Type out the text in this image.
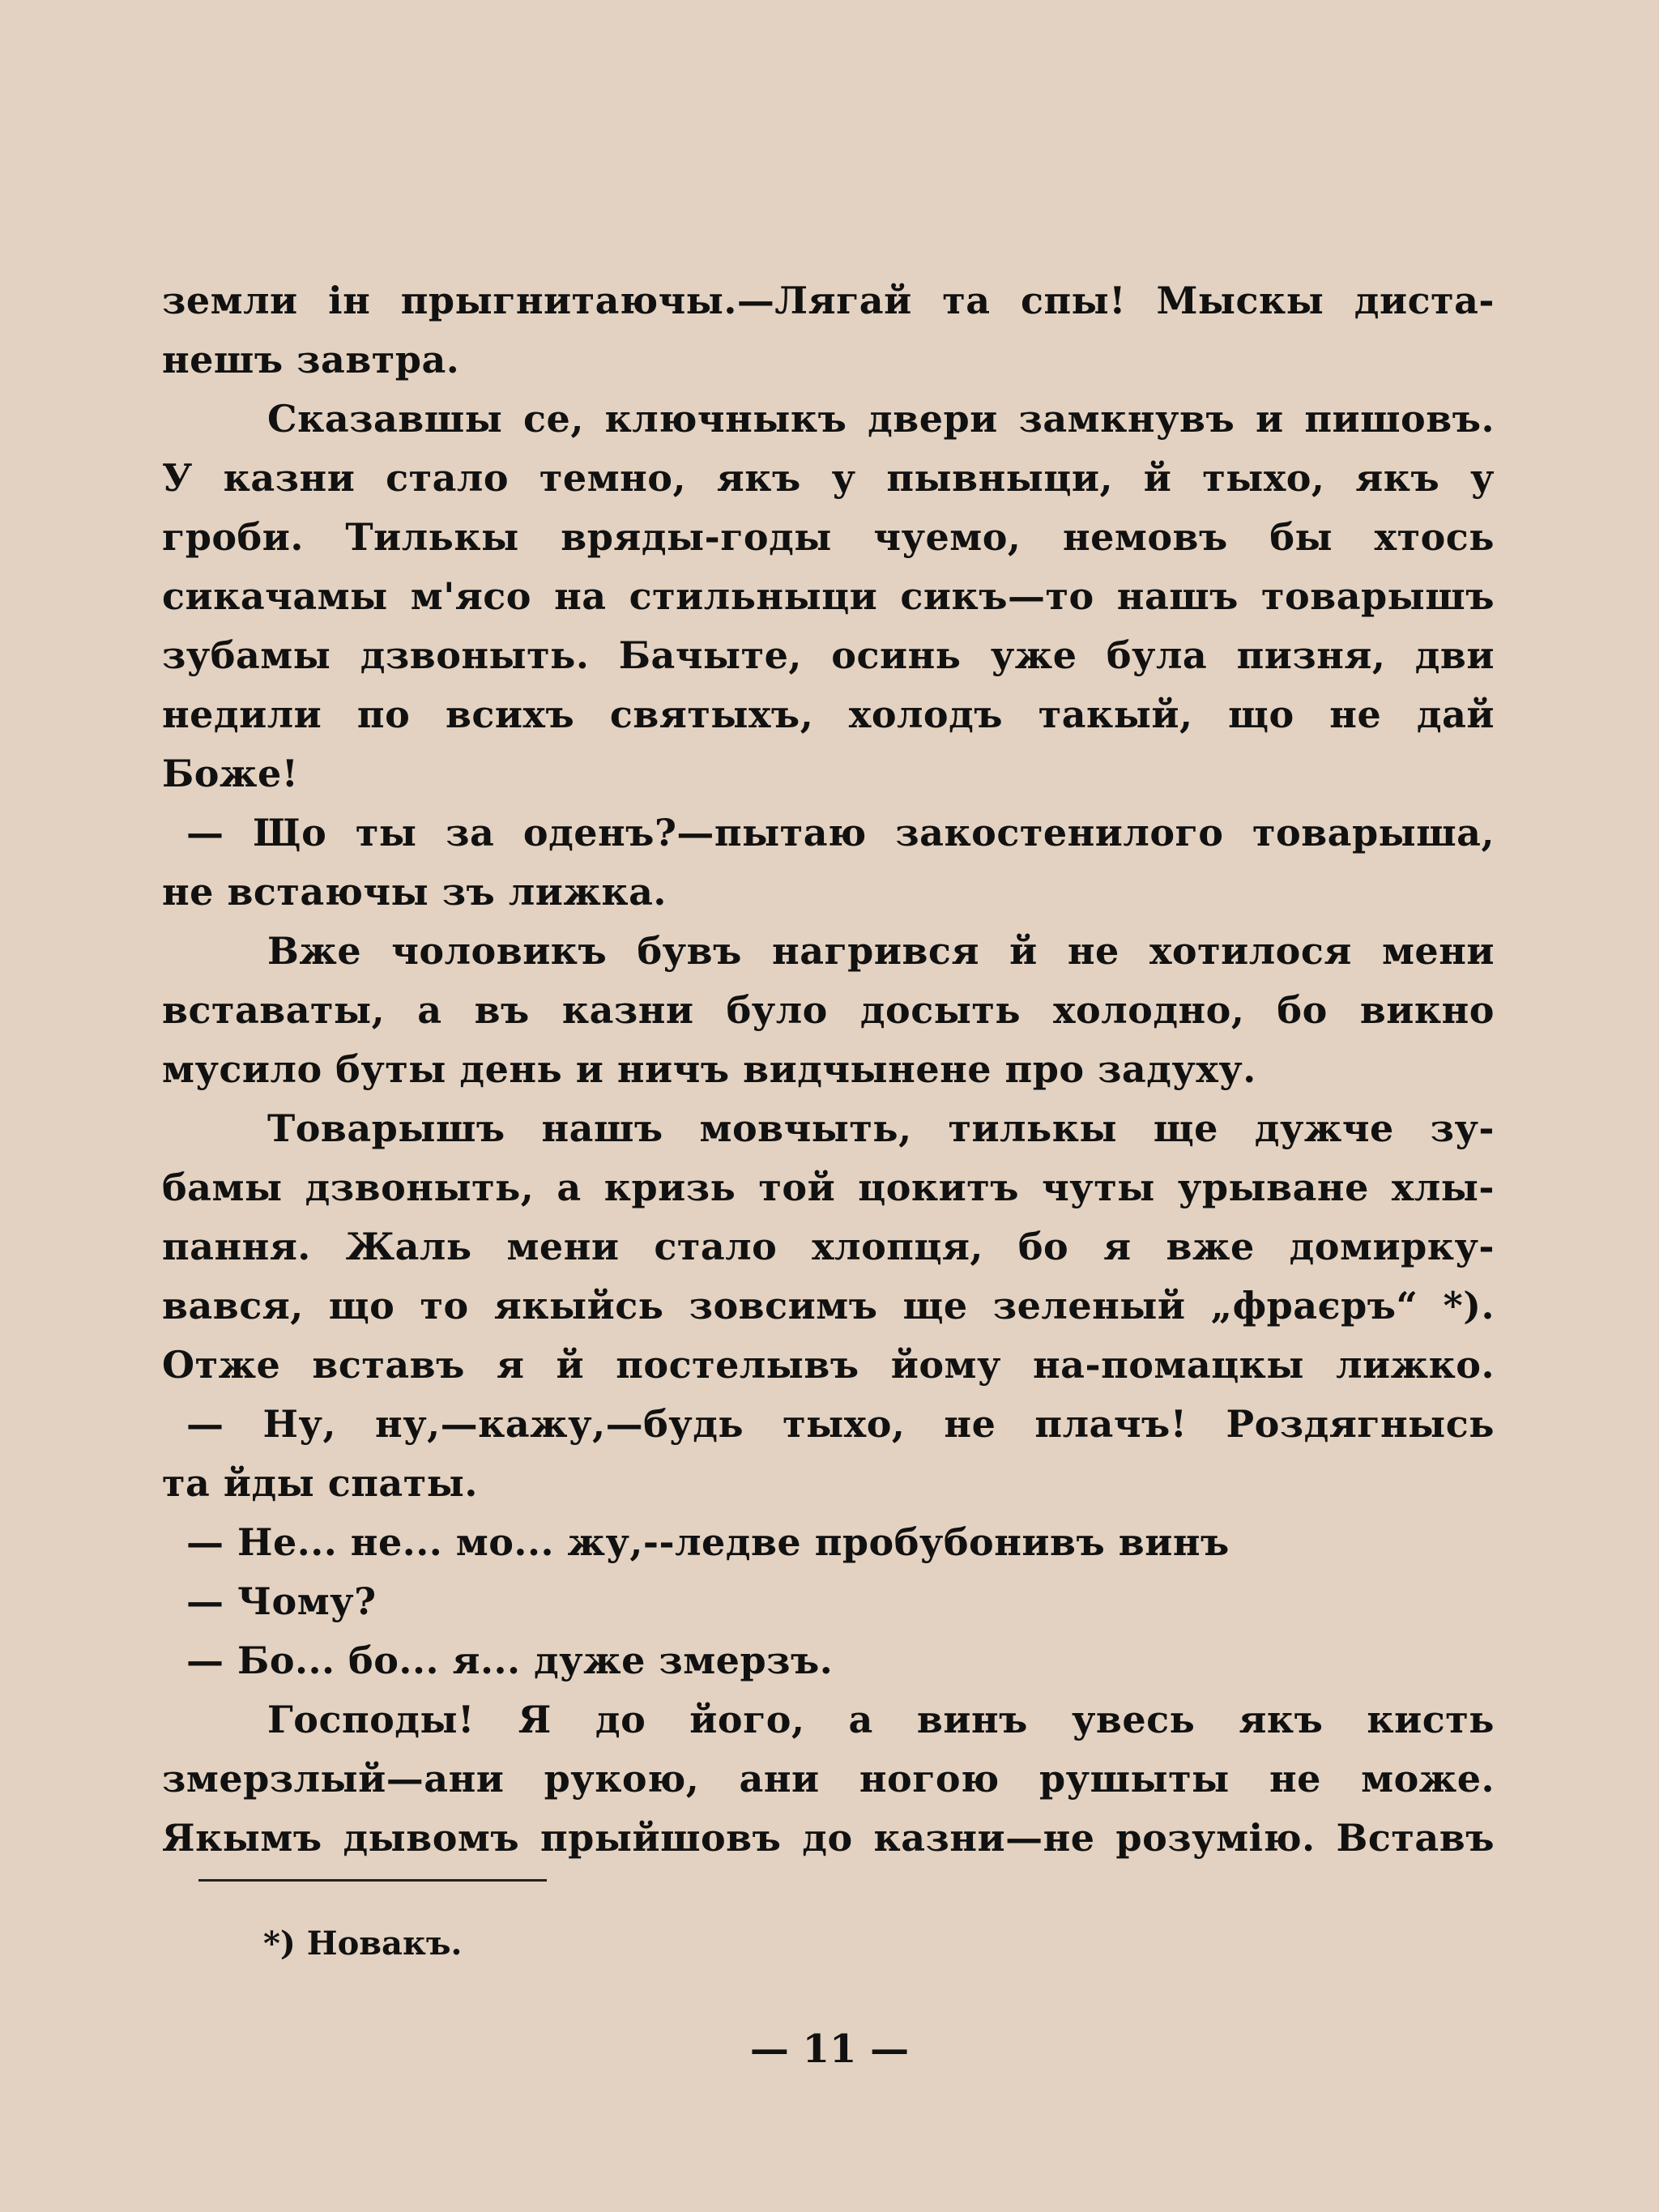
земли ін прыгнитаючы.—Лягай та спы! Мыскы диста-
нешъ завтра.
Сказавшы се, ключныкъ двери замкнувъ и пишовъ.
У казни стало темно, якъ у пывныци, й тыхо, якъ у
гроби. Тилькы вряды-годы чуемо, немовъ бы хтось
сикачамы м'ясо на стильныци сикъ—то нашъ товарышъ
зубамы дзвоныть. Бачыте, осинь уже була пизня, дви
недили по всихъ святыхъ, холодъ такый, що не дай
Боже!
— Що ты за оденъ?—пытаю закостенилого товарыша,
не встаючы зъ лижка.
Вже чоловикъ бувъ нагрився й не хотилося мени
вставаты, а въ казни було досыть холодно, бо викно
мусило буты день и ничъ видчынене про задуху.
Товарышъ нашъ мовчыть, тилькы ще дужче зу-
бамы дзвоныть, а кризь той цокитъ чуты урыване хлы-
пання. Жаль мени стало хлопця, бо я вже домирку-
вався, що то якыйсь зовсимъ ще зеленый „фраєръ“ *).
Отже вставъ я й постелывъ йому на-помацкы лижко.
— Ну, ну,—кажу,—будь тыхо, не плачъ! Роздягнысь
та йды спаты.
— Не... не... мо... жу,--ледве пробубонивъ винъ
— Чому?
— Бо... бо... я... дуже змерзъ.
Господы! Я до його, а винъ увесь якъ кисть
змерзлый—ани рукою, ани ногою рушыты не може.
Якымъ дывомъ прыйшовъ до казни—не розумію. Вставъ
*) Новакъ.
— 11 —
